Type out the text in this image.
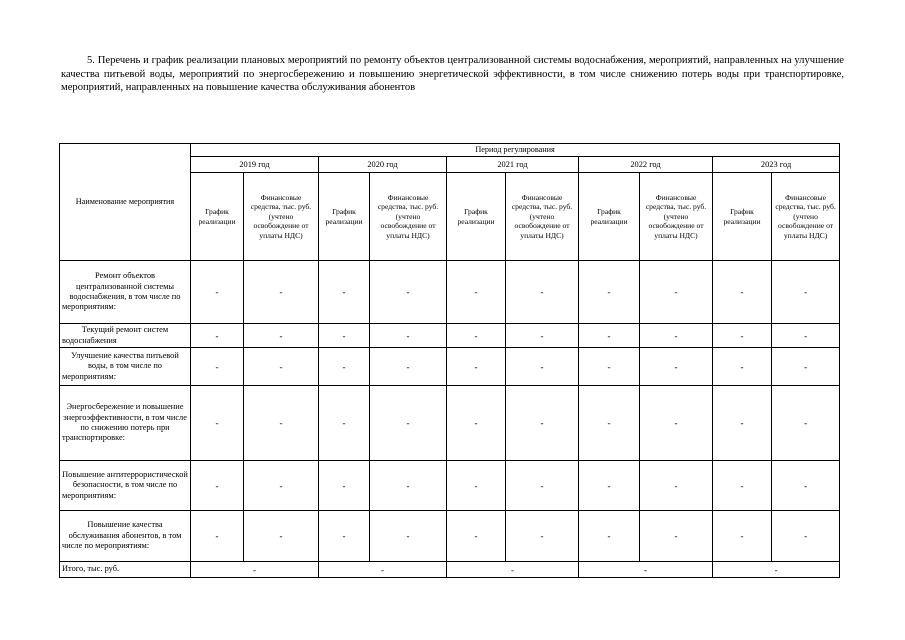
5. Перечень и график реализации плановых мероприятий по ремонту объектов централизованной системы водоснабжения, мероприятий, направленных на улучшение качества питьевой воды, мероприятий по энергосбережению и повышению энергетической эффективности, в том числе снижению потерь воды при транспортировке, мероприятий, направленных на повышение качества обслуживания абонентов
Наименование мероприятия	Период регулирования									
	2019 год		2020 год		2021 год		2022 год		2023 год	
	График реализации	Финансовые средства, тыс. руб. (учтено освобождение от уплаты НДС)	График реализации	Финансовые средства, тыс. руб. (учтено освобождение от уплаты НДС)	График реализации	Финансовые средства, тыс. руб. (учтено освобождение от уплаты НДС)	График реализации	Финансовые средства, тыс. руб. (учтено освобождение от уплаты НДС)	График реализации	Финансовые средства, тыс. руб. (учтено освобождение от уплаты НДС)
Ремонт объектов централизованной системы водоснабжения, в том числе по мероприятиям:	-	-	-	-	-	-	-	-	-	-
Текущий ремонт систем водоснабжения	-	-	-	-	-	-	-	-	-	-
Улучшение качества питьевой воды, в том числе по мероприятиям:	-	-	-	-	-	-	-	-	-	-
Энергосбережение и повышение энергоэффективности, в том числе по снижению потерь при транспортировке:	-	-	-	-	-	-	-	-	-	-
Повышение антитеррористической безопасности, в том числе по мероприятиям:	-	-	-	-	-	-	-	-	-	-
Повышение качества обслуживания абонентов, в том числе по мероприятиям:	-	-	-	-	-	-	-	-	-	-
Итого, тыс. руб.	-		-		-		-		-	
